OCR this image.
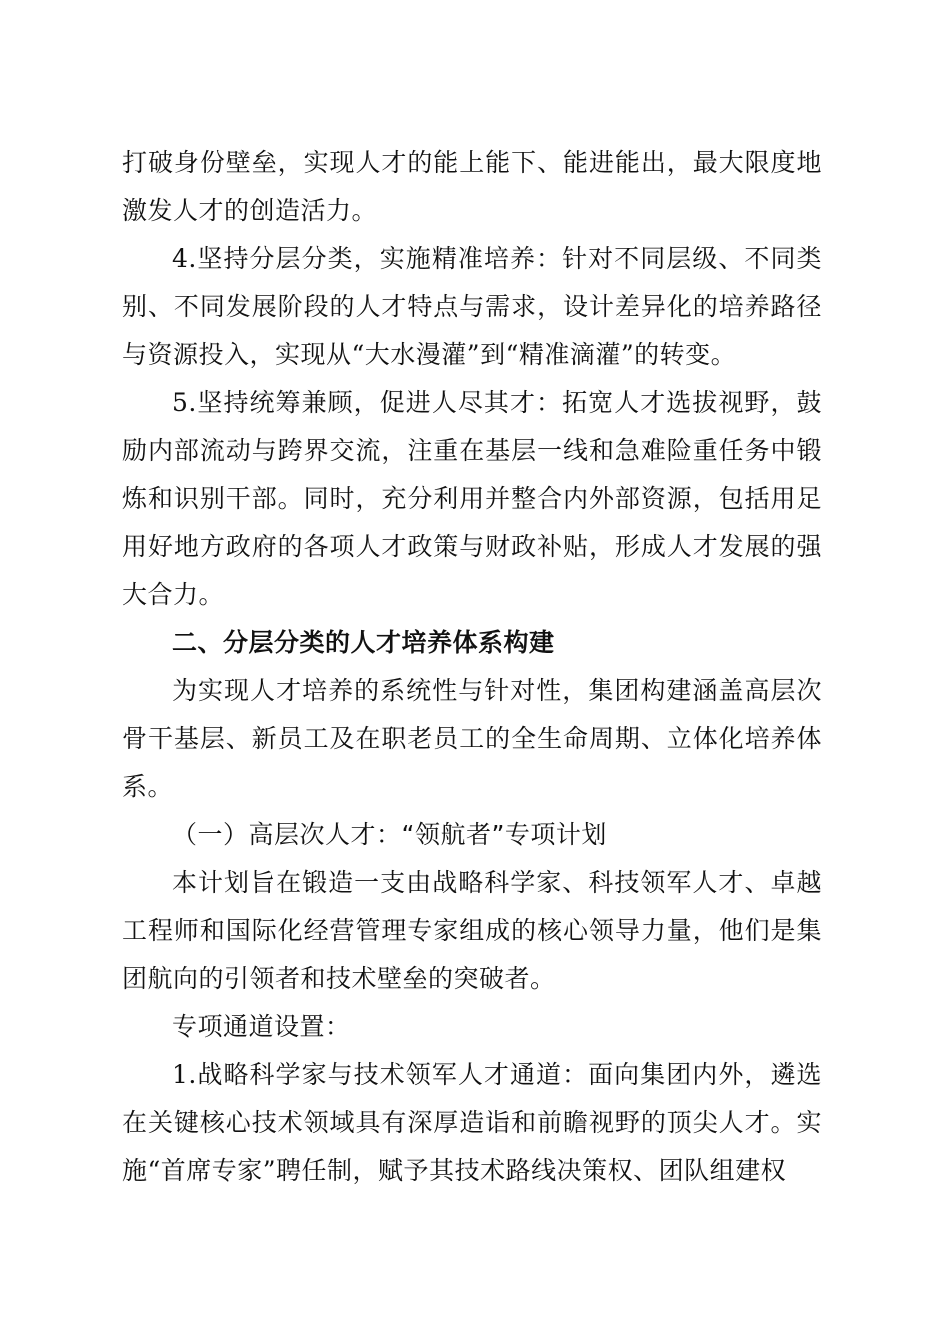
打破身份壁垒，实现人才的能上能下、能进能出，最大限度地激发人才的创造活力。

4.坚持分层分类，实施精准培养：针对不同层级、不同类别、不同发展阶段的人才特点与需求，设计差异化的培养路径与资源投入，实现从“大水漫灌”到“精准滴灌”的转变。

5.坚持统筹兼顾，促进人尽其才：拓宽人才选拔视野，鼓励内部流动与跨界交流，注重在基层一线和急难险重任务中锻炼和识别干部。同时，充分利用并整合内外部资源，包括用足用好地方政府的各项人才政策与财政补贴，形成人才发展的强大合力。

二、分层分类的人才培养体系构建

为实现人才培养的系统性与针对性，集团构建涵盖高层次骨干基层、新员工及在职老员工的全生命周期、立体化培养体系。

（一）高层次人才：“领航者”专项计划

本计划旨在锻造一支由战略科学家、科技领军人才、卓越工程师和国际化经营管理专家组成的核心领导力量，他们是集团航向的引领者和技术壁垒的突破者。

专项通道设置：

1.战略科学家与技术领军人才通道：面向集团内外，遴选在关键核心技术领域具有深厚造诣和前瞻视野的顶尖人才。实施“首席专家”聘任制，赋予其技术路线决策权、团队组建权
